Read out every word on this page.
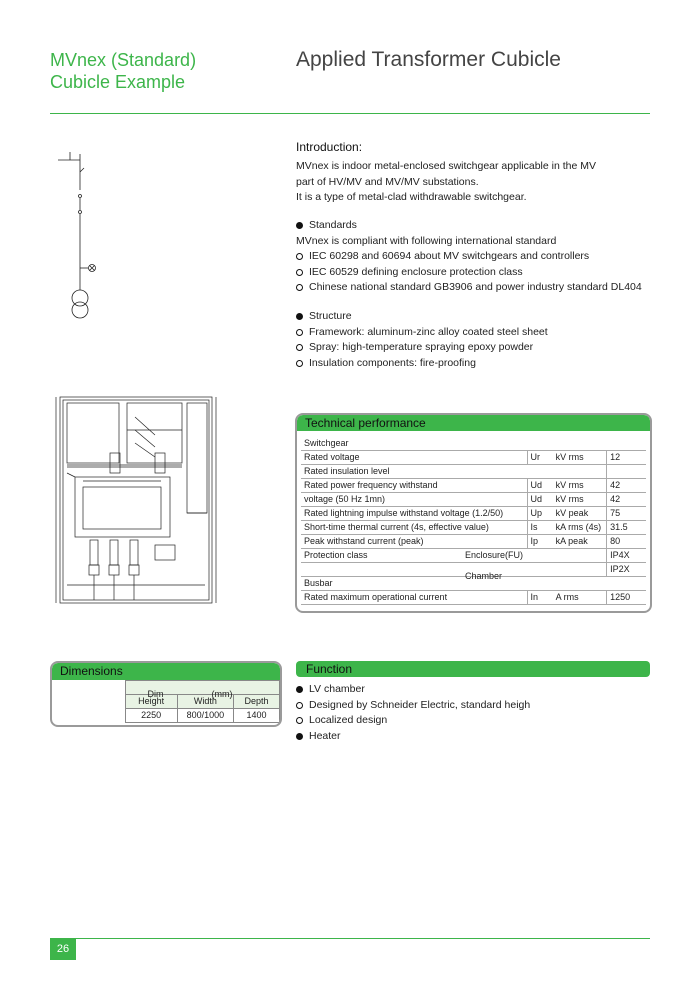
MVnex (Standard)
Cubicle Example
Applied Transformer Cubicle
Introduction:
MVnex is indoor metal-enclosed switchgear applicable in the MV
part of HV/MV and MV/MV substations.
It is a type of metal-clad withdrawable switchgear.
Standards
MVnex is compliant with following international standard
IEC 60298 and 60694 about MV switchgears and controllers
IEC 60529 defining enclosure protection class
Chinese national standard GB3906 and power industry standard DL404
Structure
Framework: aluminum-zinc alloy coated steel sheet
Spray: high-temperature spraying epoxy powder
Insulation components: fire-proofing
Technical performance
Switchgear			
Rated voltage	Ur	kV rms	12
Rated insulation level			
Rated power frequency withstand	Ud	kV rms	42
voltage (50 Hz 1mn)	Ud	kV rms	42
Rated lightning impulse withstand voltage (1.2/50)	Up	kV peak	75
Short-time thermal current (4s, effective value)	Is	kA rms (4s)	31.5
Peak withstand current (peak)	Ip	kA peak	80
Protection class Enclosure(FU)			IP4X

Chamber			IP2X
Busbar			
Rated maximum operational current	In	A rms	1250
Dimensions

	Dim (mm)		

	Height	Width	Depth
	2250	800/1000	1400
Function
LV chamber
Designed by Schneider Electric, standard heigh
Localized design
Heater
26
